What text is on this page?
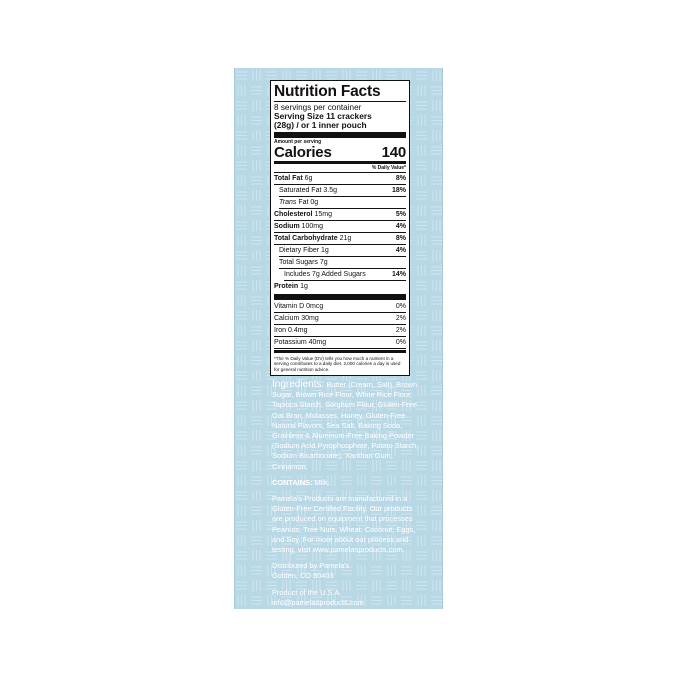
Nutrition Facts
8 servings per container
Serving Size 11 crackers
(28g) / or 1 inner pouch
Amount per serving
Calories	140
% Daily Value*
Total Fat 6g	8%
Saturated Fat 3.5g	18%
Trans Fat 0g
Cholesterol 15mg	5%
Sodium 100mg	4%
Total Carbohydrate 21g	8%
Dietary Fiber 1g	4%
Total Sugars 7g
Includes 7g Added Sugars	14%
Protein 1g
Vitamin D 0mcg	0%
Calcium 30mg	2%
Iron 0.4mg	2%
Potassium 40mg	0%
*The % Daily Value (DV) tells you how much a nutrient in a serving contributes to a daily diet. 2,000 calories a day is used for general nutrition advice.

Ingredients: Butter (Cream, Salt), Brown Sugar, Brown Rice Flour, White Rice Flour, Tapioca Starch, Sorghum Flour, Gluten-Free Oat Bran, Molasses, Honey, Gluten-Free Natural Flavors, Sea Salt, Baking Soda, Grainless & Aluminum-Free Baking Powder (Sodium Acid Pyrophosphate, Potato Starch, Sodium Bicarbonate), Xanthan Gum, Cinnamon.

CONTAINS: Milk.

Pamela's Products are manufactured in a Gluten-Free Certified Facility. Our products are produced on equipment that processes Peanuts, Tree Nuts, Wheat, Coconut, Eggs, and Soy. For more about our process and testing, visit www.pamelasproducts.com.

Distributed by Pamela's
Golden, CO 80403

Product of the U.S.A.
info@pamelasproducts.com
